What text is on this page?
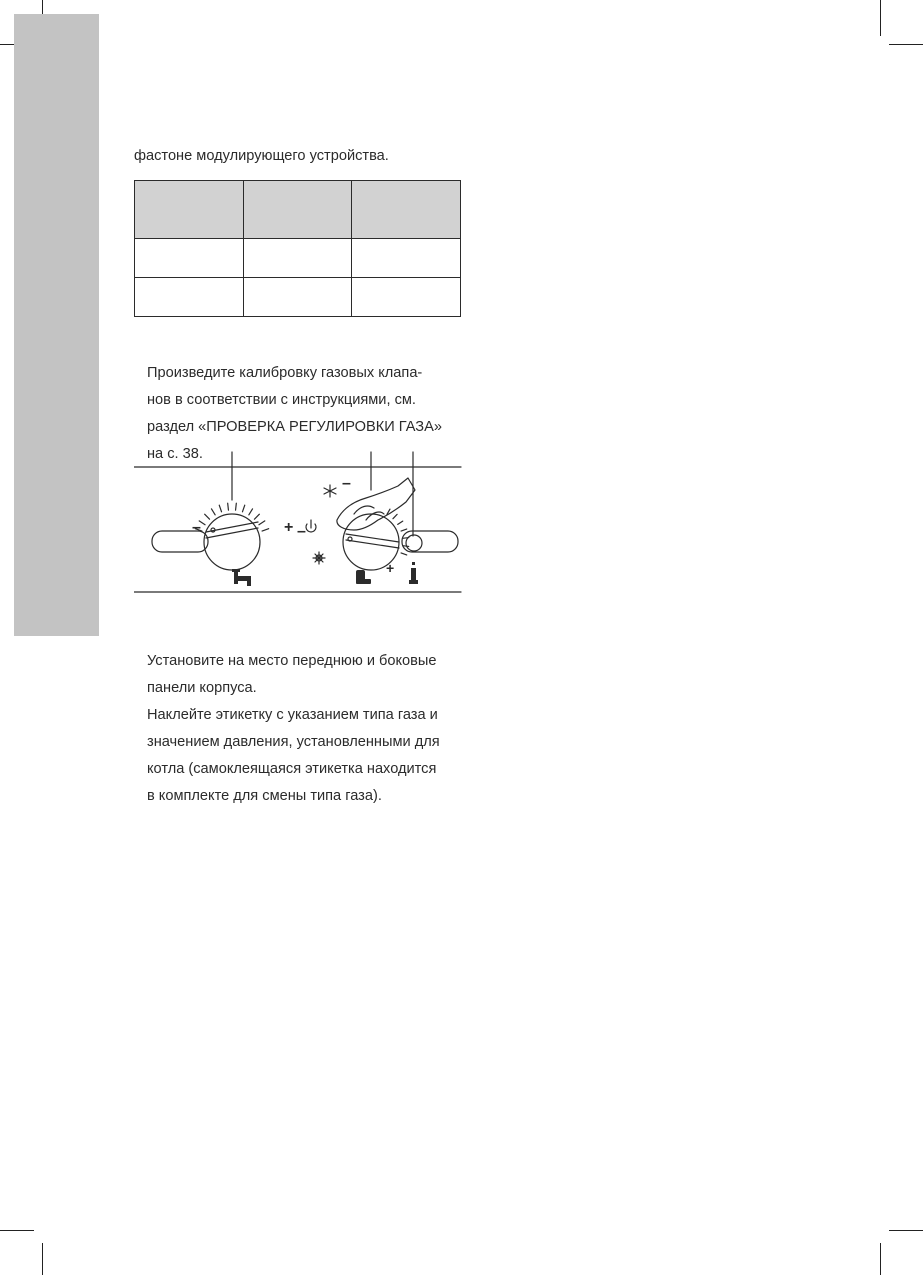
фастоне модулирующего устройства.

Произведите калибровку газовых клапа-

нов в соответствии с инструкциями, см.

раздел «ПРОВЕРКА РЕГУЛИРОВКИ ГАЗА»

на с. 38.

–	+ –
–
+

Установите на место переднюю и боковые

панели корпуса.

Наклейте этикетку с указанием типа газа и

значением давления, установленными для

котла (самоклеящаяся этикетка находится

в комплекте для смены типа газа).
